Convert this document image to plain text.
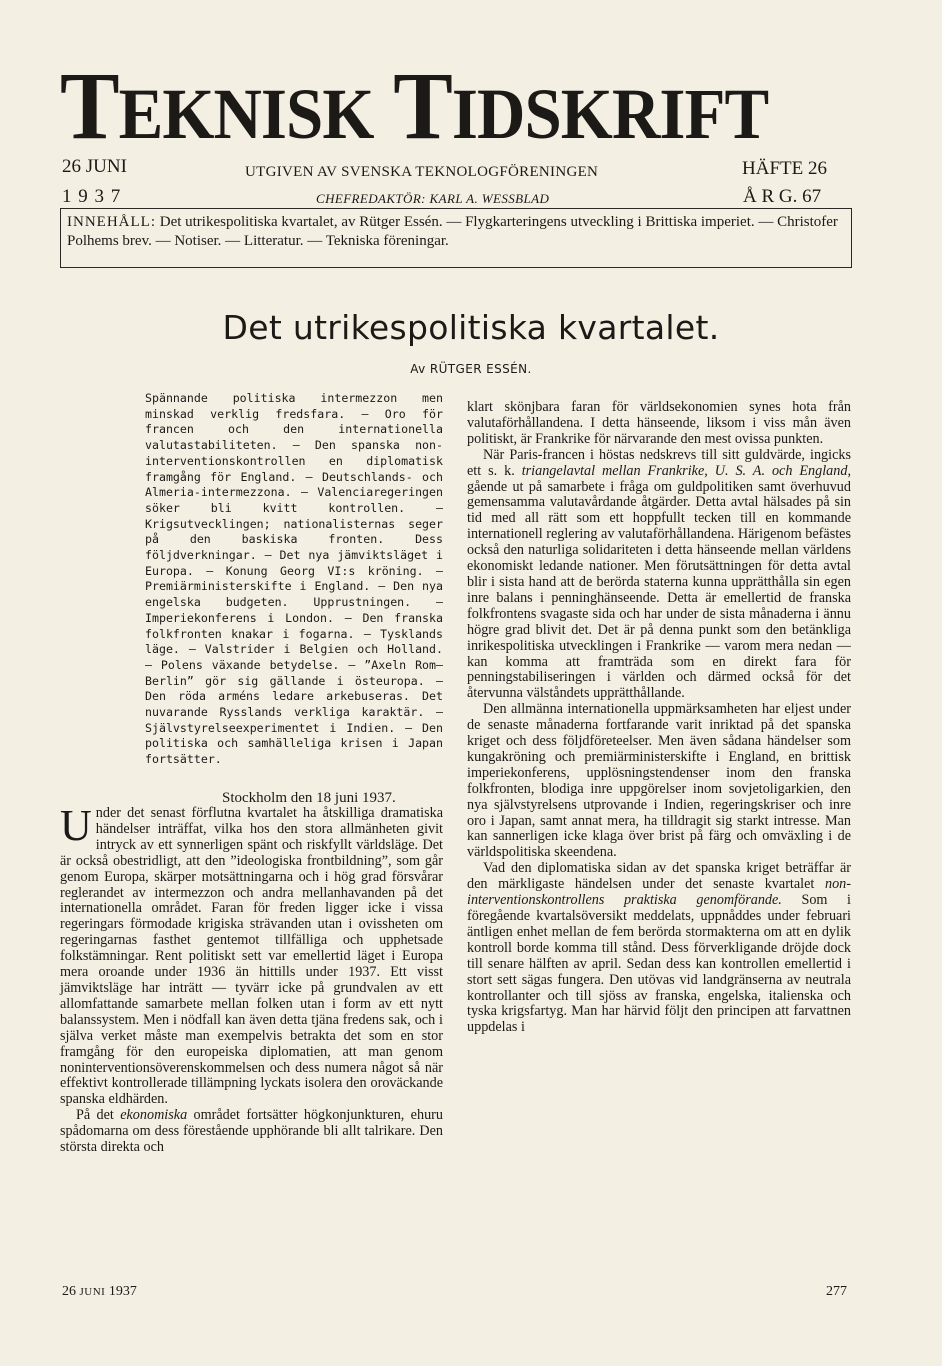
TEKNISK TIDSKRIFT
26 JUNI
1 9 3 7
UTGIVEN AV SVENSKA TEKNOLOGFÖRENINGEN
CHEFREDAKTÖR: KARL A. WESSBLAD
HÄFTE 26
Å R G. 67
INNEHÅLL: Det utrikespolitiska kvartalet, av Rütger Essén. — Flygkarteringens utveckling i Brittiska imperiet. — Christofer Polhems brev. — Notiser. — Litteratur. — Tekniska föreningar.
Det utrikespolitiska kvartalet.
Av RÜTGER ESSÉN.
Spännande politiska intermezzon men minskad verklig fredsfara. — Oro för francen och den internationella valutastabiliteten. — Den spanska non-interventionskontrollen en diplomatisk framgång för England. — Deutschlands- och Almeria-intermezzona. — Valenciaregeringen söker bli kvitt kontrollen. — Krigsutvecklingen; nationalisternas seger på den baskiska fronten. Dess följdverkningar. — Det nya jämviktsläget i Europa. — Konung Georg VI:s kröning. — Premiärministerskifte i England. — Den nya engelska budgeten. Upprustningen. — Imperiekonferens i London. — Den franska folkfronten knakar i fogarna. — Tysklands läge. — Valstrider i Belgien och Holland. — Polens växande betydelse. — ”Axeln Rom—Berlin” gör sig gällande i östeuropa. — Den röda arméns ledare arkebuseras. Det nuvarande Rysslands verkliga karaktär. — Självstyrelseexperimentet i Indien. — Den politiska och samhälleliga krisen i Japan fortsätter.
Stockholm den 18 juni 1937.

Under det senast förflutna kvartalet ha åtskilliga dramatiska händelser inträffat, vilka hos den stora allmänheten givit intryck av ett synnerligen spänt och riskfyllt världsläge. Det är också obestridligt, att den ”ideologiska frontbildning”, som går genom Europa, skärper motsättningarna och i hög grad försvårar reglerandet av intermezzon och andra mellanhavanden på det internationella området. Faran för freden ligger icke i vissa regeringars förmodade krigiska strävanden utan i ovissheten om regeringarnas fasthet gentemot tillfälliga och upphetsade folkstämningar. Rent politiskt sett var emellertid läget i Europa mera oroande under 1936 än hittills under 1937. Ett visst jämviktsläge har inträtt — tyvärr icke på grundvalen av ett allomfattande samarbete mellan folken utan i form av ett nytt balanssystem. Men i nödfall kan även detta tjäna fredens sak, och i själva verket måste man exempelvis betrakta det som en stor framgång för den europeiska diplomatien, att man genom noninterventionsöverenskommelsen och dess numera något så när effektivt kontrollerade tillämpning lyckats isolera den oroväckande spanska eldhärden.

På det ekonomiska området fortsätter högkonjunkturen, ehuru spådomarna om dess förestående upphörande bli allt talrikare. Den största direkta och

klart skönjbara faran för världsekonomien synes hota från valutaförhållandena. I detta hänseende, liksom i viss mån även politiskt, är Frankrike för närvarande den mest ovissa punkten.

När Paris-francen i höstas nedskrevs till sitt guldvärde, ingicks ett s. k. triangelavtal mellan Frankrike, U. S. A. och England, gående ut på samarbete i fråga om guldpolitiken samt överhuvud gemensamma valutavårdande åtgärder. Detta avtal hälsades på sin tid med all rätt som ett hoppfullt tecken till en kommande internationell reglering av valutaförhållandena. Härigenom befästes också den naturliga solidariteten i detta hänseende mellan världens ekonomiskt ledande nationer. Men förutsättningen för detta avtal blir i sista hand att de berörda staterna kunna upprätthålla sin egen inre balans i penninghänseende. Detta är emellertid de franska folkfrontens svagaste sida och har under de sista månaderna i ännu högre grad blivit det. Det är på denna punkt som den betänkliga inrikespolitiska utvecklingen i Frankrike — varom mera nedan — kan komma att framträda som en direkt fara för penningstabiliseringen i världen och därmed också för det återvunna välståndets upprätthållande.

Den allmänna internationella uppmärksamheten har eljest under de senaste månaderna fortfarande varit inriktad på det spanska kriget och dess följdföreteelser. Men även sådana händelser som kungakröning och premiärministerskifte i England, en brittisk imperiekonferens, upplösningstendenser inom den franska folkfronten, blodiga inre uppgörelser inom sovjetoligarkien, den nya självstyrelsens utprovande i Indien, regeringskriser och inre oro i Japan, samt annat mera, ha tilldragit sig starkt intresse. Man kan sannerligen icke klaga över brist på färg och omväxling i de världspolitiska skeendena.

Vad den diplomatiska sidan av det spanska kriget beträffar är den märkligaste händelsen under det senaste kvartalet non-interventionskontrollens praktiska genomförande. Som i föregående kvartalsöversikt meddelats, uppnåddes under februari äntligen enhet mellan de fem berörda stormakterna om att en dylik kontroll borde komma till stånd. Dess förverkligande dröjde dock till senare hälften av april. Sedan dess kan kontrollen emellertid i stort sett sägas fungera. Den utövas vid landgränserna av neutrala kontrollanter och till sjöss av franska, engelska, italienska och tyska krigsfartyg. Man har härvid följt den principen att farvattnen uppdelas i

26 JUNI 1937	277
